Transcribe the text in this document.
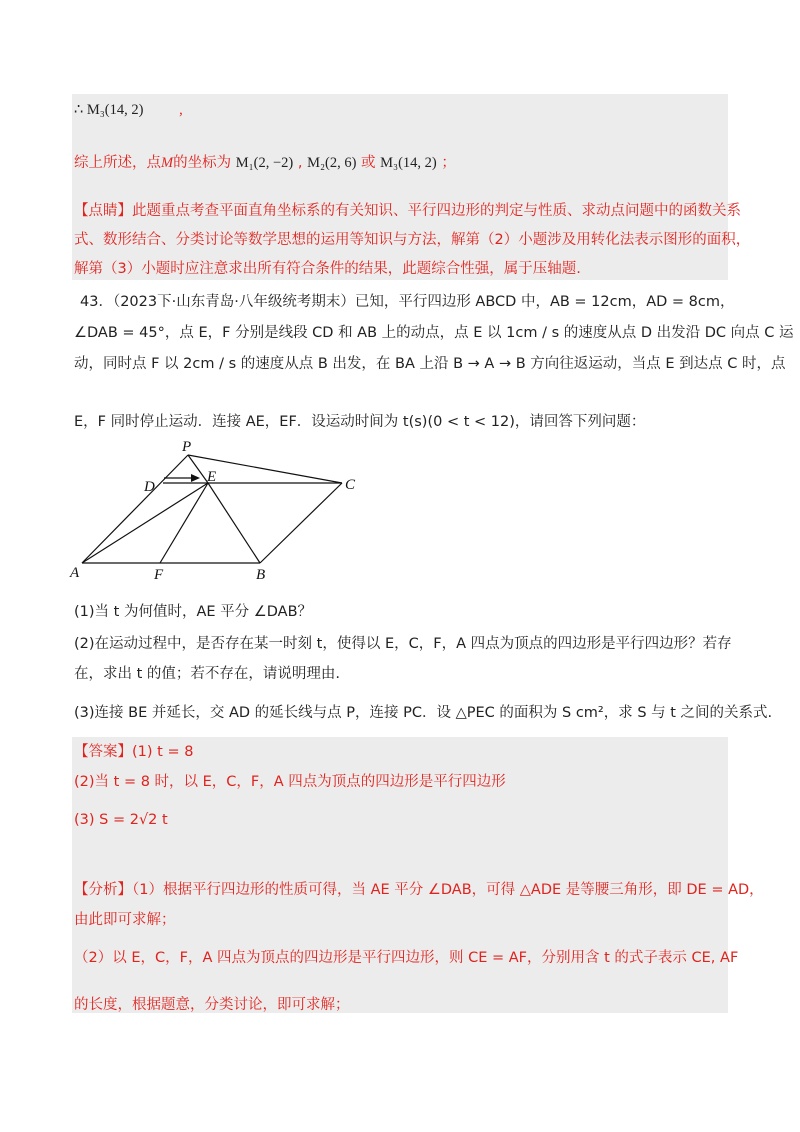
∴ M₃(14, 2) ,
综上所述，点M的坐标为 M₁(2, −2) , M₂(2, 6) 或 M₃(14, 2) ；
【点睛】此题重点考查平面直角坐标系的有关知识、平行四边形的判定与性质、求动点问题中的函数关系
式、数形结合、分类讨论等数学思想的运用等知识与方法，解第（2）小题涉及用转化法表示图形的面积，
解第（3）小题时应注意求出所有符合条件的结果，此题综合性强，属于压轴题.
43．（2023下·山东青岛·八年级统考期末）已知，平行四边形 ABCD 中，AB = 12cm，AD = 8cm，
∠DAB = 45°，点 E，F 分别是线段 CD 和 AB 上的动点，点 E 以 1cm / s 的速度从点 D 出发沿 DC 向点 C 运
动，同时点 F 以 2cm / s 的速度从点 B 出发，在 BA 上沿 B → A → B 方向往返运动，当点 E 到达点 C 时，点
E，F 同时停止运动．连接 AE，EF．设运动时间为 t(s)(0 < t < 12)，请回答下列问题：
P
D
E	C
A	F	B
(1)当 t 为何值时，AE 平分 ∠DAB？
(2)在运动过程中，是否存在某一时刻 t，使得以 E，C，F，A 四点为顶点的四边形是平行四边形？若存
在，求出 t 的值；若不存在，请说明理由.
(3)连接 BE 并延长，交 AD 的延长线与点 P，连接 PC．设 △PEC 的面积为 S cm²，求 S 与 t 之间的关系式.
【答案】(1) t = 8
(2)当 t = 8 时，以 E，C，F，A 四点为顶点的四边形是平行四边形
(3) S = 2√2 t
【分析】（1）根据平行四边形的性质可得，当 AE 平分 ∠DAB，可得 △ADE 是等腰三角形，即 DE = AD，
由此即可求解；
（2）以 E，C，F，A 四点为顶点的四边形是平行四边形，则 CE = AF，分别用含 t 的式子表示 CE, AF
的长度，根据题意，分类讨论，即可求解；
